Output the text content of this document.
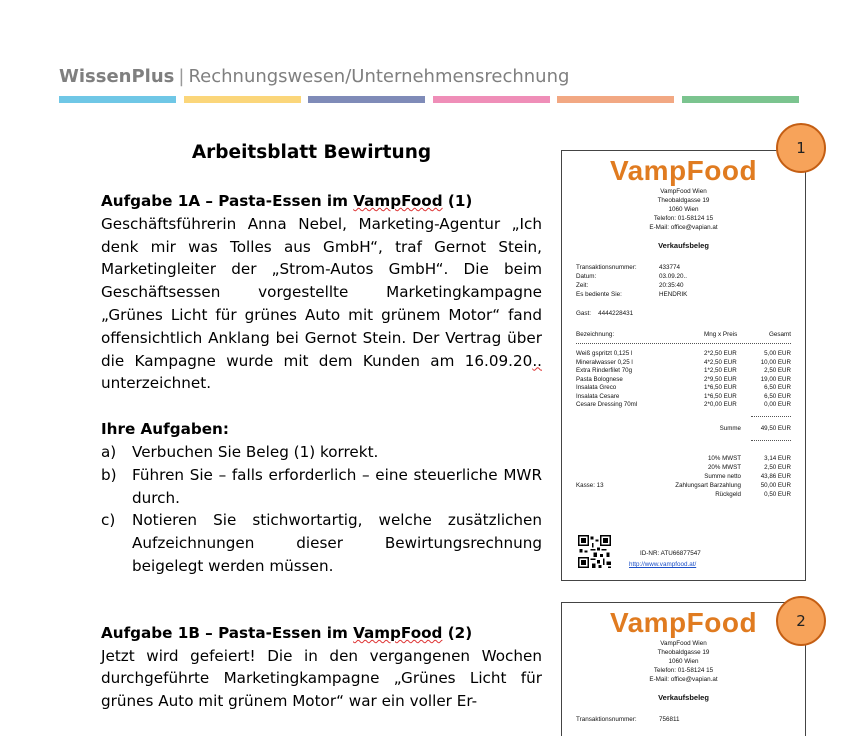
WissenPlus | Rechnungswesen/Unternehmensrechnung
Arbeitsblatt Bewirtung
Aufgabe 1A – Pasta-Essen im VampFood (1)
Geschäftsführerin Anna Nebel, Marketing-Agentur „Ich denk mir was Tolles aus GmbH“, traf Gernot Stein, Marketingleiter der „Strom-Autos GmbH“. Die beim Geschäftsessen vorgestellte Marketingkampagne „Grünes Licht für grünes Auto mit grünem Motor“ fand offensichtlich Anklang bei Gernot Stein. Der Vertrag über die Kampagne wurde mit dem Kunden am 16.09.20.. unterzeichnet.
Ihre Aufgaben:
a)	Verbuchen Sie Beleg (1) korrekt.
b)	Führen Sie – falls erforderlich – eine steuerliche MWR durch.
c)	Notieren Sie stichwortartig, welche zusätzlichen Aufzeichnungen dieser Bewirtungsrechnung beigelegt werden müssen.
Aufgabe 1B – Pasta-Essen im VampFood (2)
Jetzt wird gefeiert! Die in den vergangenen Wochen durchgeführte Marketingkampagne „Grünes Licht für grünes Auto mit grünem Motor“ war ein voller Er-
VampFood
VampFood Wien
Theobaldgasse 19
1060 Wien
Telefon: 01-58124 15
E-Mail: office@vapian.at
Verkaufsbeleg
Transaktionsnummer:	433774
Datum:	03.09.20..
Zeit:	20:35:40
Es bediente Sie:	HENDRIK
Gast: 4444228431
Bezeichnung:	Mng x Preis	Gesamt
Weiß gspritzt 0,125 l	2*2,50 EUR	5,00 EUR
Mineralwasser 0,25 l	4*2,50 EUR	10,00 EUR
Extra Rinderfilet 70g	1*2,50 EUR	2,50 EUR
Pasta Bolognese	2*9,50 EUR	19,00 EUR
Insalata Greco	1*6,50 EUR	6,50 EUR
Insalata Cesare	1*6,50 EUR	6,50 EUR
Cesare Dressing 70ml	2*0,00 EUR	0,00 EUR
Summe	49,50 EUR
10% MWST	3,14 EUR
20% MWST	2,50 EUR
Summe netto	43,86 EUR
Kasse: 13	Zahlungsart Barzahlung	50,00 EUR
Rückgeld	0,50 EUR
ID-NR: ATU66877547
http://www.vampfood.at/
VampFood
VampFood Wien
Theobaldgasse 19
1060 Wien
Telefon: 01-58124 15
E-Mail: office@vapian.at
Verkaufsbeleg
Transaktionsnummer:	756811
1
2
